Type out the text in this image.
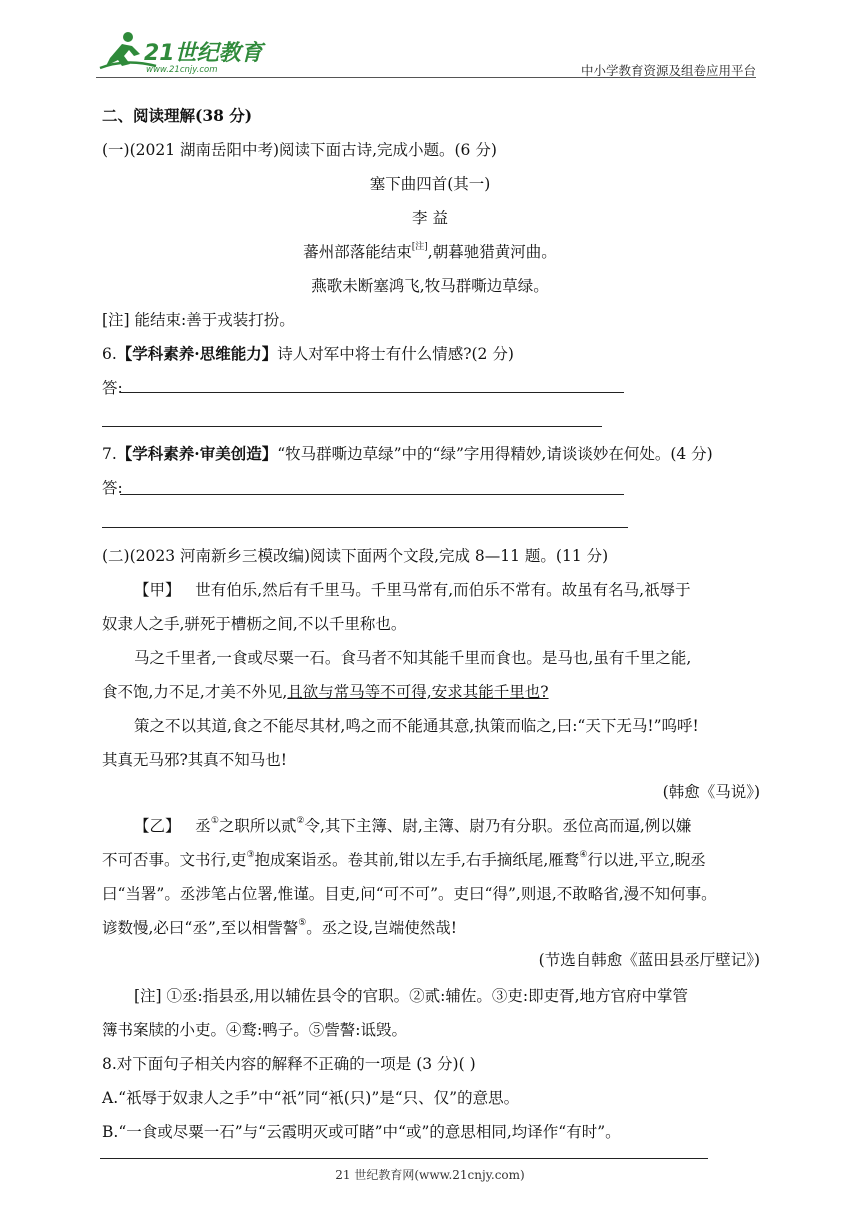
21世纪教育
www.21cnjy.com	中小学教育资源及组卷应用平台
二、阅读理解(38 分)
(一)(2021 湖南岳阳中考)阅读下面古诗,完成小题。(6 分)
塞下曲四首(其一)
李 益
蕃州部落能结束[注],朝暮驰猎黄河曲。
燕歌未断塞鸿飞,牧马群嘶边草绿。
[注] 能结束:善于戎装打扮。
6.【学科素养·思维能力】诗人对军中将士有什么情感?(2 分)
答:
7.【学科素养·审美创造】“牧马群嘶边草绿”中的“绿”字用得精妙,请谈谈妙在何处。(4 分)
答:
(二)(2023 河南新乡三模改编)阅读下面两个文段,完成 8—11 题。(11 分)
【甲】 世有伯乐,然后有千里马。千里马常有,而伯乐不常有。故虽有名马,祇辱于
奴隶人之手,骈死于槽枥之间,不以千里称也。
马之千里者,一食或尽粟一石。食马者不知其能千里而食也。是马也,虽有千里之能,
食不饱,力不足,才美不外见,且欲与常马等不可得,安求其能千里也?
策之不以其道,食之不能尽其材,鸣之而不能通其意,执策而临之,曰:“天下无马!”呜呼!
其真无马邪?其真不知马也!
(韩愈《马说》)
【乙】 丞①之职所以贰②令,其下主簿、尉,主簿、尉乃有分职。丞位高而逼,例以嫌
不可否事。文书行,吏③抱成案诣丞。卷其前,钳以左手,右手摘纸尾,雁鹜④行以进,平立,睨丞
曰“当署”。丞涉笔占位署,惟谨。目吏,问“可不可”。吏曰“得”,则退,不敢略省,漫不知何事。
谚数慢,必曰“丞”,至以相訾謷⑤。丞之设,岂端使然哉!
(节选自韩愈《蓝田县丞厅壁记》)
[注] ①丞:指县丞,用以辅佐县令的官职。②贰:辅佐。③吏:即吏胥,地方官府中掌管
簿书案牍的小吏。④鹜:鸭子。⑤訾謷:诋毁。
8.对下面句子相关内容的解释不正确的一项是 (3 分)( )
A.“祇辱于奴隶人之手”中“祇”同“衹(只)”是“只、仅”的意思。
B.“一食或尽粟一石”与“云霞明灭或可睹”中“或”的意思相同,均译作“有时”。
21 世纪教育网(www.21cnjy.com)
